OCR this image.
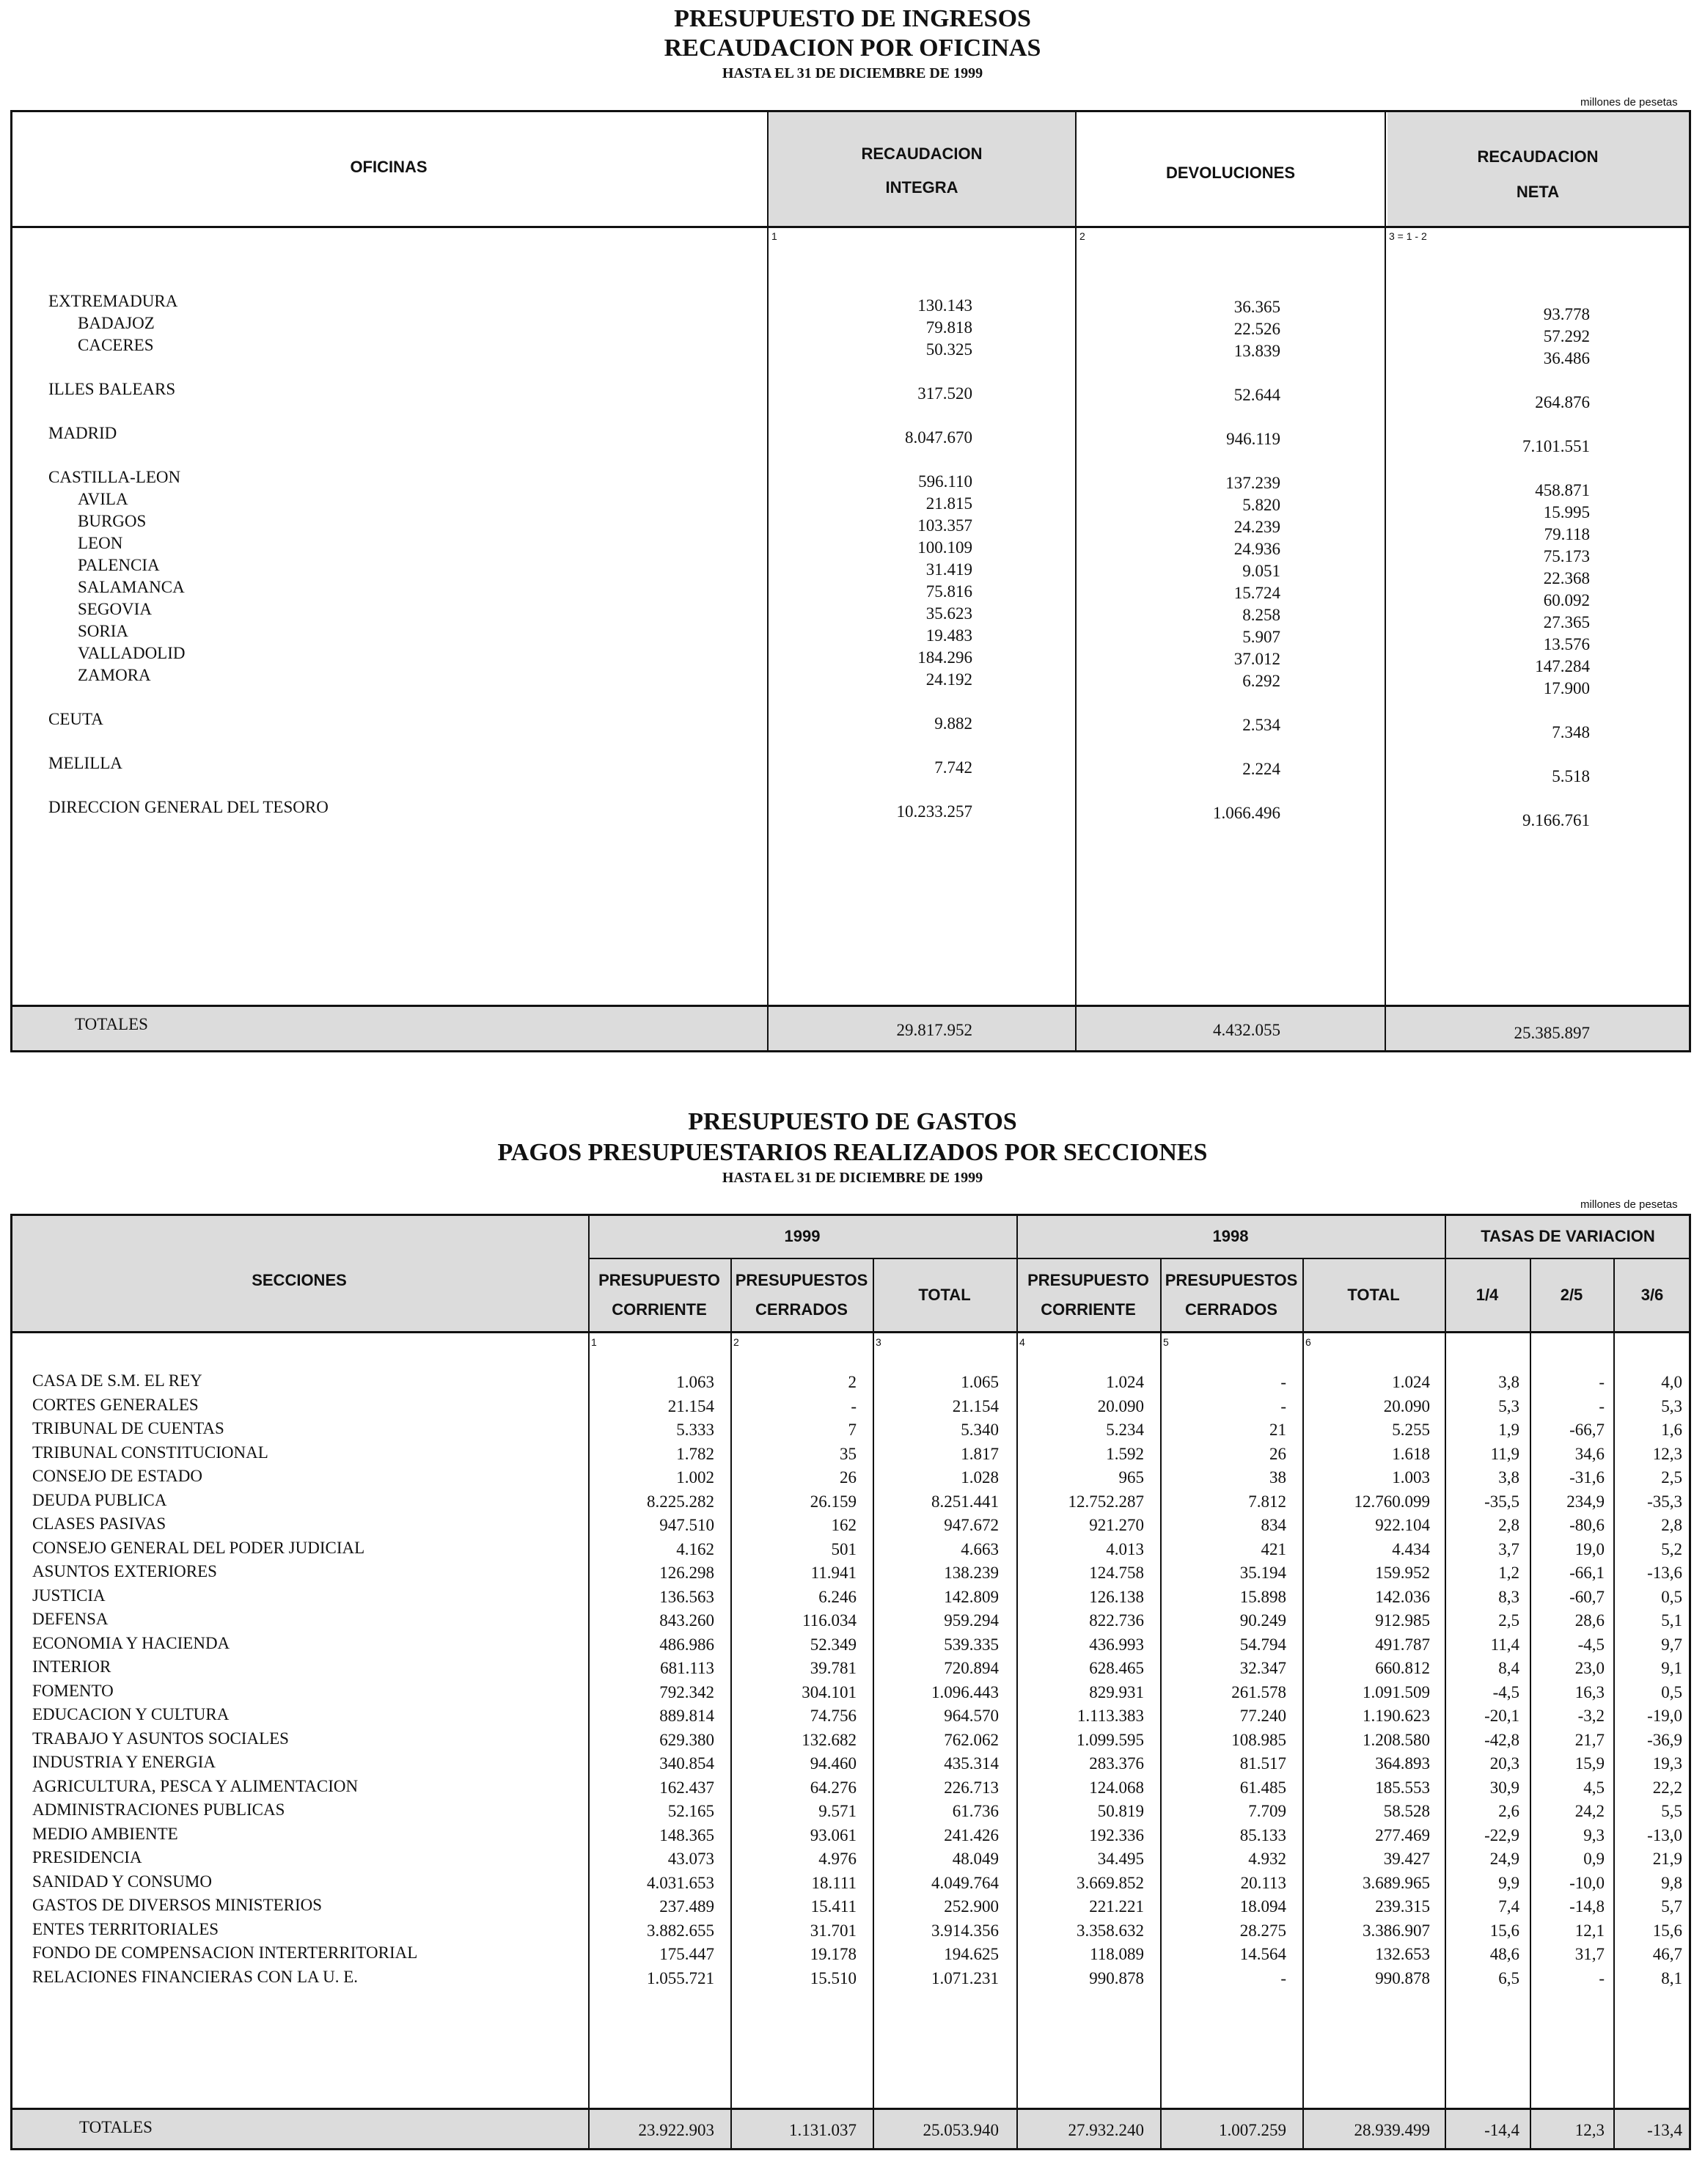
PRESUPUESTO DE INGRESOS
RECAUDACION POR OFICINAS
HASTA EL 31 DE DICIEMBRE DE 1999
millones de pesetas
OFICINAS
RECAUDACION
INTEGRA
DEVOLUCIONES
RECAUDACION
NETA
1	2	3 = 1 - 2
EXTREMADURA	130.143	36.365	93.778
BADAJOZ	79.818	22.526	57.292
CACERES	50.325	13.839	36.486
ILLES BALEARS	317.520	52.644	264.876
MADRID	8.047.670	946.119	7.101.551
CASTILLA-LEON	596.110	137.239	458.871
AVILA	21.815	5.820	15.995
BURGOS	103.357	24.239	79.118
LEON	100.109	24.936	75.173
PALENCIA	31.419	9.051	22.368
SALAMANCA	75.816	15.724	60.092
SEGOVIA	35.623	8.258	27.365
SORIA	19.483	5.907	13.576
VALLADOLID	184.296	37.012	147.284
ZAMORA	24.192	6.292	17.900
CEUTA	9.882	2.534	7.348
MELILLA	7.742	2.224	5.518
DIRECCION GENERAL DEL TESORO	10.233.257	1.066.496	9.166.761
TOTALES	29.817.952	4.432.055	25.385.897
PRESUPUESTO DE GASTOS
PAGOS PRESUPUESTARIOS REALIZADOS POR SECCIONES
HASTA EL 31 DE DICIEMBRE DE 1999
millones de pesetas
SECCIONES
1999	1998	TASAS DE VARIACION
PRESUPUESTO
CORRIENTE
PRESUPUESTOS
CERRADOS
TOTAL
PRESUPUESTO
CORRIENTE
PRESUPUESTOS
CERRADOS
TOTAL	1/4	2/5	3/6
1	2	3	4	5	6
CASA DE S.M. EL REY	1.063	2	1.065	1.024	-	1.024	3,8	-	4,0
CORTES GENERALES	21.154	-	21.154	20.090	-	20.090	5,3	-	5,3
TRIBUNAL DE CUENTAS	5.333	7	5.340	5.234	21	5.255	1,9	-66,7	1,6
TRIBUNAL CONSTITUCIONAL	1.782	35	1.817	1.592	26	1.618	11,9	34,6	12,3
CONSEJO DE ESTADO	1.002	26	1.028	965	38	1.003	3,8	-31,6	2,5
DEUDA PUBLICA	8.225.282	26.159	8.251.441	12.752.287	7.812	12.760.099	-35,5	234,9	-35,3
CLASES PASIVAS	947.510	162	947.672	921.270	834	922.104	2,8	-80,6	2,8
CONSEJO GENERAL DEL PODER JUDICIAL	4.162	501	4.663	4.013	421	4.434	3,7	19,0	5,2
ASUNTOS EXTERIORES	126.298	11.941	138.239	124.758	35.194	159.952	1,2	-66,1	-13,6
JUSTICIA	136.563	6.246	142.809	126.138	15.898	142.036	8,3	-60,7	0,5
DEFENSA	843.260	116.034	959.294	822.736	90.249	912.985	2,5	28,6	5,1
ECONOMIA Y HACIENDA	486.986	52.349	539.335	436.993	54.794	491.787	11,4	-4,5	9,7
INTERIOR	681.113	39.781	720.894	628.465	32.347	660.812	8,4	23,0	9,1
FOMENTO	792.342	304.101	1.096.443	829.931	261.578	1.091.509	-4,5	16,3	0,5
EDUCACION Y CULTURA	889.814	74.756	964.570	1.113.383	77.240	1.190.623	-20,1	-3,2	-19,0
TRABAJO Y ASUNTOS SOCIALES	629.380	132.682	762.062	1.099.595	108.985	1.208.580	-42,8	21,7	-36,9
INDUSTRIA Y ENERGIA	340.854	94.460	435.314	283.376	81.517	364.893	20,3	15,9	19,3
AGRICULTURA, PESCA Y ALIMENTACION	162.437	64.276	226.713	124.068	61.485	185.553	30,9	4,5	22,2
ADMINISTRACIONES PUBLICAS	52.165	9.571	61.736	50.819	7.709	58.528	2,6	24,2	5,5
MEDIO AMBIENTE	148.365	93.061	241.426	192.336	85.133	277.469	-22,9	9,3	-13,0
PRESIDENCIA	43.073	4.976	48.049	34.495	4.932	39.427	24,9	0,9	21,9
SANIDAD Y CONSUMO	4.031.653	18.111	4.049.764	3.669.852	20.113	3.689.965	9,9	-10,0	9,8
GASTOS DE DIVERSOS MINISTERIOS	237.489	15.411	252.900	221.221	18.094	239.315	7,4	-14,8	5,7
ENTES TERRITORIALES	3.882.655	31.701	3.914.356	3.358.632	28.275	3.386.907	15,6	12,1	15,6
FONDO DE COMPENSACION INTERTERRITORIAL	175.447	19.178	194.625	118.089	14.564	132.653	48,6	31,7	46,7
RELACIONES FINANCIERAS CON LA U. E.	1.055.721	15.510	1.071.231	990.878	-	990.878	6,5	-	8,1
TOTALES	23.922.903	1.131.037	25.053.940	27.932.240	1.007.259	28.939.499	-14,4	12,3	-13,4
